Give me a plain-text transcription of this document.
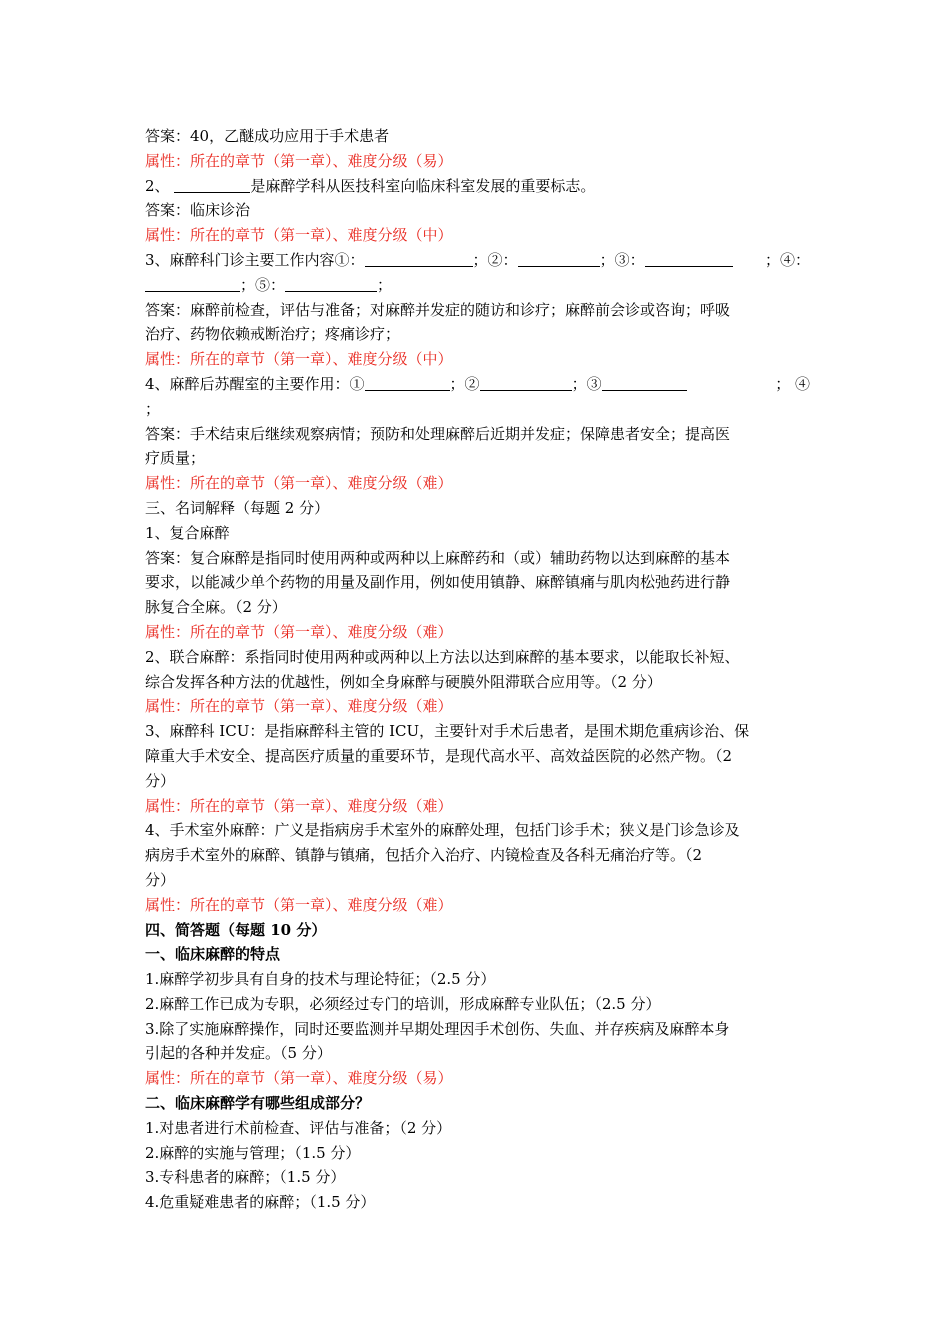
答案：40，乙醚成功应用于手术患者
属性：所在的章节（第一章）、难度分级（易）
2、	是麻醉学科从医技科室向临床科室发展的重要标志。
答案：临床诊治
属性：所在的章节（第一章）、难度分级（中）
3、麻醉科门诊主要工作内容①：	；②：	；③：	；④：
；⑤：	；
答案：麻醉前检查，评估与准备；对麻醉并发症的随访和诊疗；麻醉前会诊或咨询；呼吸
治疗、药物依赖戒断治疗；疼痛诊疗；
属性：所在的章节（第一章）、难度分级（中）
4、麻醉后苏醒室的主要作用：①	；②	；③	； ④
；
答案：手术结束后继续观察病情；预防和处理麻醉后近期并发症；保障患者安全；提高医
疗质量；
属性：所在的章节（第一章）、难度分级（难）
三、名词解释（每题 2 分）
1、复合麻醉
答案：复合麻醉是指同时使用两种或两种以上麻醉药和（或）辅助药物以达到麻醉的基本
要求，以能减少单个药物的用量及副作用，例如使用镇静、麻醉镇痛与肌肉松弛药进行静
脉复合全麻。（2 分）
属性：所在的章节（第一章）、难度分级（难）
2、联合麻醉：系指同时使用两种或两种以上方法以达到麻醉的基本要求，以能取长补短、
综合发挥各种方法的优越性，例如全身麻醉与硬膜外阻滞联合应用等。（2 分）
属性：所在的章节（第一章）、难度分级（难）
3、麻醉科 ICU：是指麻醉科主管的 ICU，主要针对手术后患者，是围术期危重病诊治、保
障重大手术安全、提高医疗质量的重要环节，是现代高水平、高效益医院的必然产物。（2
分）
属性：所在的章节（第一章）、难度分级（难）
4、手术室外麻醉：广义是指病房手术室外的麻醉处理，包括门诊手术；狭义是门诊急诊及
病房手术室外的麻醉、镇静与镇痛，包括介入治疗、内镜检查及各科无痛治疗等。（2
分）
属性：所在的章节（第一章）、难度分级（难）
四、简答题（每题 10 分）
一、临床麻醉的特点
1.麻醉学初步具有自身的技术与理论特征；（2.5 分）
2.麻醉工作已成为专职，必须经过专门的培训，形成麻醉专业队伍；（2.5 分）
3.除了实施麻醉操作，同时还要监测并早期处理因手术创伤、失血、并存疾病及麻醉本身
引起的各种并发症。（5 分）
属性：所在的章节（第一章）、难度分级（易）
二、临床麻醉学有哪些组成部分？
1.对患者进行术前检查、评估与准备；（2 分）
2.麻醉的实施与管理；（1.5 分）
3.专科患者的麻醉；（1.5 分）
4.危重疑难患者的麻醉；（1.5 分）
